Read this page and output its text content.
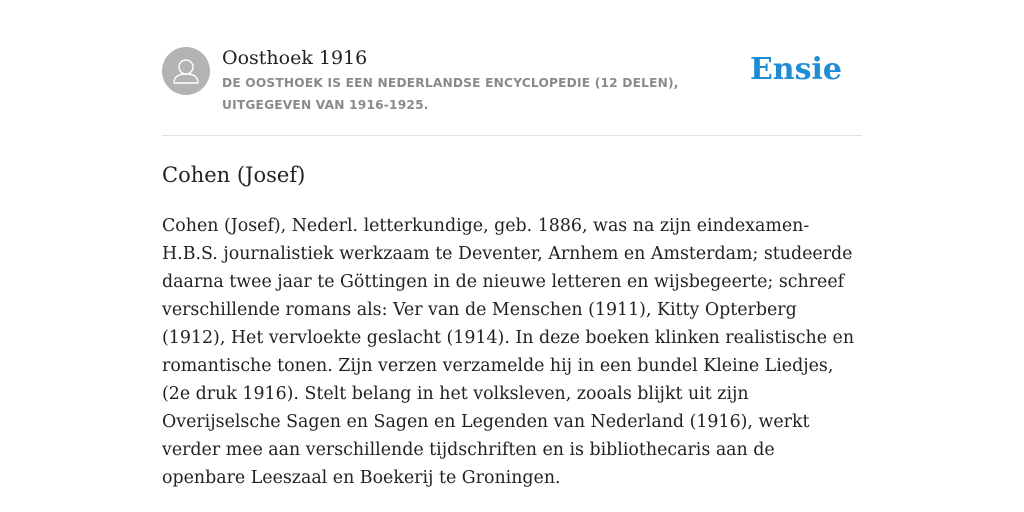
Oosthoek 1916
DE OOSTHOEK IS EEN NEDERLANDSE ENCYCLOPEDIE (12 DELEN), UITGEGEVEN VAN 1916-1925.
Ensie
Cohen (Josef)

Cohen (Josef), Nederl. letterkundige, geb. 1886, was na zijn eindexamen-H.B.S. journalistiek werkzaam te Deventer, Arnhem en Amsterdam; studeerde daarna twee jaar te Göttingen in de nieuwe letteren en wijsbegeerte; schreef verschillende romans als: Ver van de Menschen (1911), Kitty Opterberg (1912), Het vervloekte geslacht (1914). In deze boeken klinken realistische en romantische tonen. Zijn verzen verzamelde hij in een bundel Kleine Liedjes, (2e druk 1916). Stelt belang in het volksleven, zooals blijkt uit zijn Overijselsche Sagen en Sagen en Legenden van Nederland (1916), werkt verder mee aan verschillende tijdschriften en is bibliothecaris aan de openbare Leeszaal en Boekerij te Groningen.
